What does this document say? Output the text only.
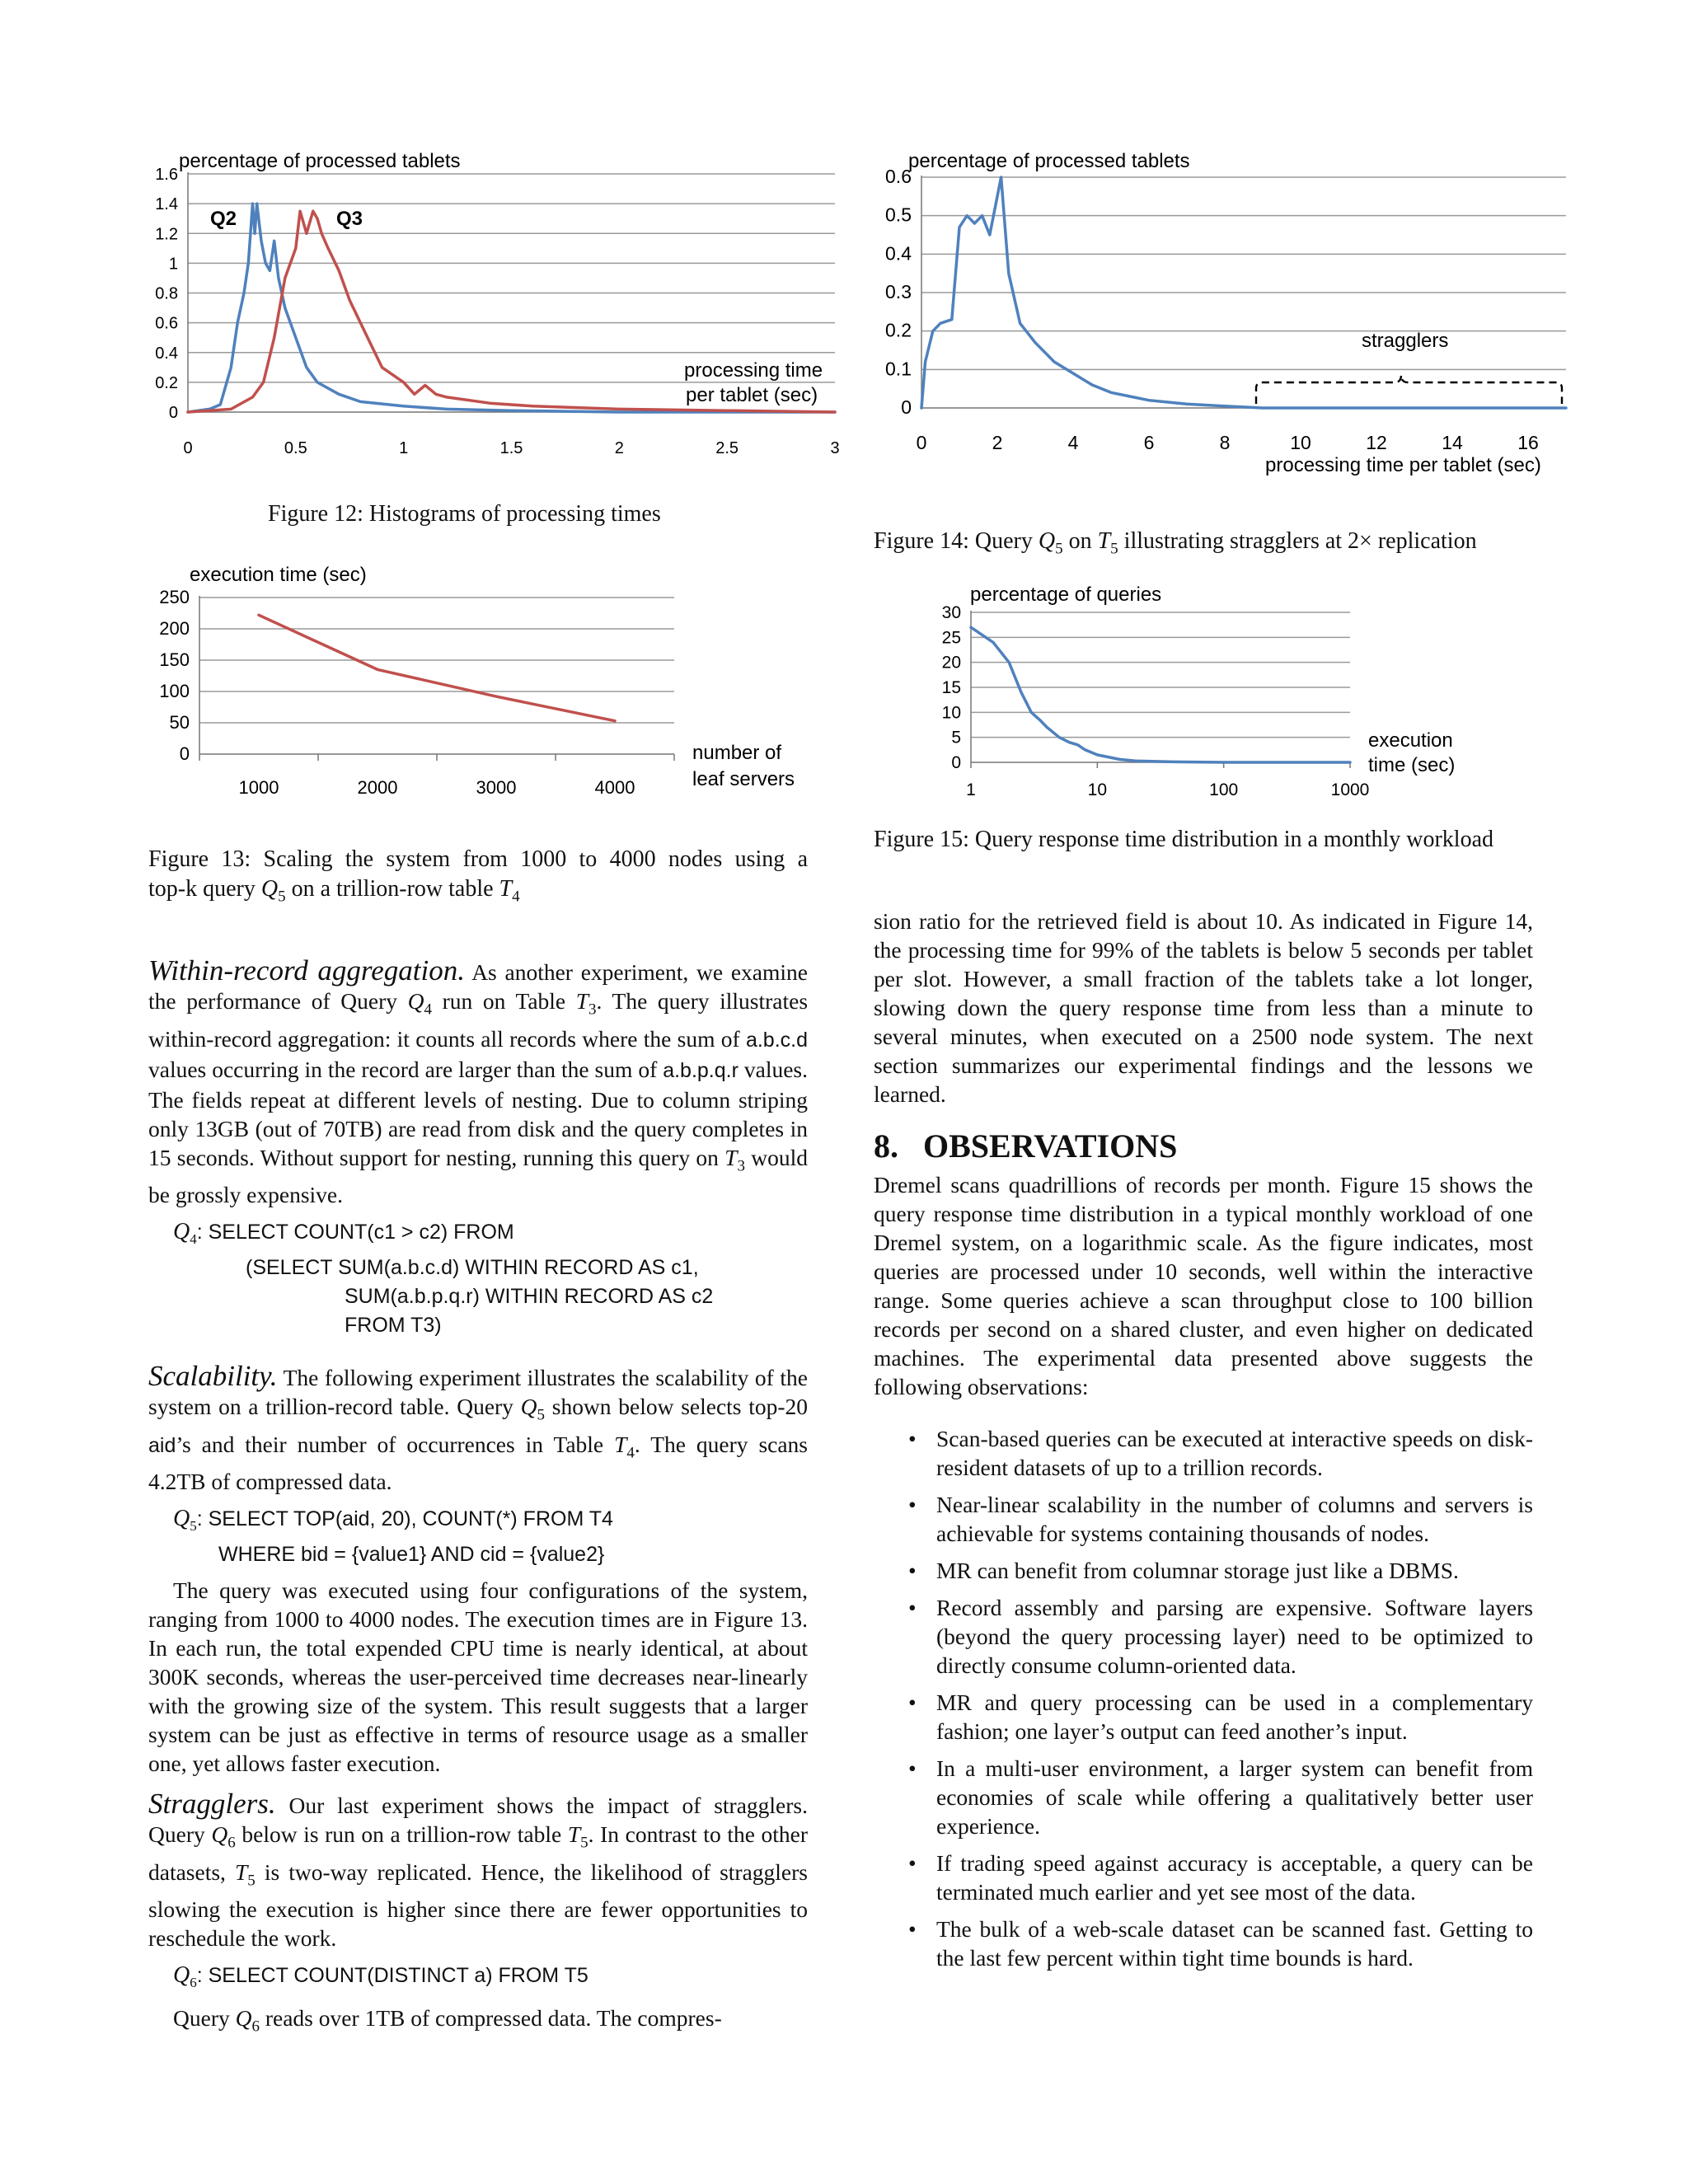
percentage of processed tablets
0
0.2
0.4
0.6
0.8
1
1.2
1.4
1.6
0	0.5	1	1.5	2	2.5	3
Q2	Q3
processing time
per tablet (sec)
Figure 12: Histograms of processing times
percentage of processed tablets
0
0.1
0.2
0.3
0.4
0.5
0.6
0	2	4	6	8	10	12	14	16
stragglers
processing time per tablet (sec)
Figure 14: Query $Q_5$ on $T_5$ illustrating stragglers at 2× replication
execution time (sec)
0
50
100
150
200
250
1000	2000	3000	4000
number of
leaf servers
Figure 13: Scaling the system from 1000 to 4000 nodes using a
top-k query $Q_5$ on a trillion-row table $T_4$
percentage of queries
0
5
10
15
20
25
30
1	10	100	1000
execution
time (sec)
Figure 15: Query response time distribution in a monthly workload

Within-record aggregation. As another experiment, we examine the performance of Query $Q_4$ run on Table $T_3$. The query illustrates within-record aggregation: it counts all records where the sum of a.b.c.d values occurring in the record are larger than the sum of a.b.p.q.r values. The fields repeat at different levels of nesting. Due to column striping only 13GB (out of 70TB) are read from disk and the query completes in 15 seconds. Without support for nesting, running this query on $T_3$ would be grossly expensive.

$Q_4$: SELECT COUNT(c1 > c2) FROM
(SELECT SUM(a.b.c.d) WITHIN RECORD AS c1,
SUM(a.b.p.q.r) WITHIN RECORD AS c2
FROM T3)

Scalability. The following experiment illustrates the scalability of the system on a trillion-record table. Query $Q_5$ shown below selects top-20 aid’s and their number of occurrences in Table $T_4$. The query scans 4.2TB of compressed data.

$Q_5$: SELECT TOP(aid, 20), COUNT(*) FROM T4
WHERE bid = {value1} AND cid = {value2}

The query was executed using four configurations of the system, ranging from 1000 to 4000 nodes. The execution times are in Figure 13. In each run, the total expended CPU time is nearly identical, at about 300K seconds, whereas the user-perceived time decreases near-linearly with the growing size of the system. This result suggests that a larger system can be just as effective in terms of resource usage as a smaller one, yet allows faster execution.

Stragglers. Our last experiment shows the impact of stragglers. Query $Q_6$ below is run on a trillion-row table $T_5$. In contrast to the other datasets, $T_5$ is two-way replicated. Hence, the likelihood of stragglers slowing the execution is higher since there are fewer opportunities to reschedule the work.

$Q_6$: SELECT COUNT(DISTINCT a) FROM T5

Query $Q_6$ reads over 1TB of compressed data. The compres-

sion ratio for the retrieved field is about 10. As indicated in Figure 14, the processing time for 99% of the tablets is below 5 seconds per tablet per slot. However, a small fraction of the tablets take a lot longer, slowing down the query response time from less than a minute to several minutes, when executed on a 2500 node system. The next section summarizes our experimental findings and the lessons we learned.

8.   OBSERVATIONS

Dremel scans quadrillions of records per month. Figure 15 shows the query response time distribution in a typical monthly workload of one Dremel system, on a logarithmic scale. As the figure indicates, most queries are processed under 10 seconds, well within the interactive range. Some queries achieve a scan throughput close to 100 billion records per second on a shared cluster, and even higher on dedicated machines. The experimental data presented above suggests the following observations:

• Scan-based queries can be executed at interactive speeds on disk-resident datasets of up to a trillion records.
• Near-linear scalability in the number of columns and servers is achievable for systems containing thousands of nodes.
• MR can benefit from columnar storage just like a DBMS.
• Record assembly and parsing are expensive. Software layers (beyond the query processing layer) need to be optimized to directly consume column-oriented data.
• MR and query processing can be used in a complementary fashion; one layer’s output can feed another’s input.
• In a multi-user environment, a larger system can benefit from economies of scale while offering a qualitatively better user experience.
• If trading speed against accuracy is acceptable, a query can be terminated much earlier and yet see most of the data.
• The bulk of a web-scale dataset can be scanned fast. Getting to the last few percent within tight time bounds is hard.
